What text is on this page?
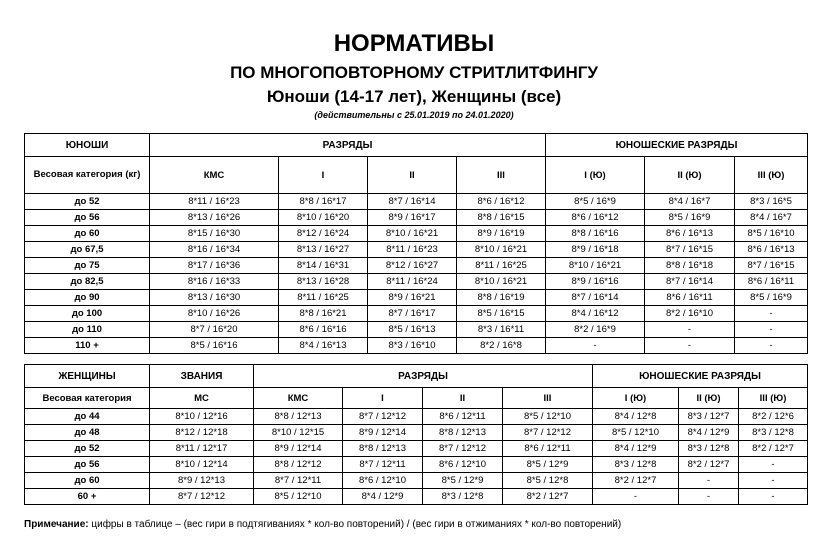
НОРМАТИВЫ
ПО МНОГОПОВТОРНОМУ СТРИТЛИТФИНГУ
Юноши (14-17 лет), Женщины (все)
(действительны с 25.01.2019 по 24.01.2020)
ЮНОШИ	РАЗРЯДЫ				ЮНОШЕСКИЕ РАЗРЯДЫ		
Весовая категория (кг)	КМС	I	II	III	I (Ю)	II (Ю)	III (Ю)
до 52	8*11 / 16*23	8*8 / 16*17	8*7 / 16*14	8*6 / 16*12	8*5 / 16*9	8*4 / 16*7	8*3 / 16*5
до 56	8*13 / 16*26	8*10 / 16*20	8*9 / 16*17	8*8 / 16*15	8*6 / 16*12	8*5 / 16*9	8*4 / 16*7
до 60	8*15 / 16*30	8*12 / 16*24	8*10 / 16*21	8*9 / 16*19	8*8 / 16*16	8*6 / 16*13	8*5 / 16*10
до 67,5	8*16 / 16*34	8*13 / 16*27	8*11 / 16*23	8*10 / 16*21	8*9 / 16*18	8*7 / 16*15	8*6 / 16*13
до 75	8*17 / 16*36	8*14 / 16*31	8*12 / 16*27	8*11 / 16*25	8*10 / 16*21	8*8 / 16*18	8*7 / 16*15
до 82,5	8*16 / 16*33	8*13 / 16*28	8*11 / 16*24	8*10 / 16*21	8*9 / 16*16	8*7 / 16*14	8*6 / 16*11
до 90	8*13 / 16*30	8*11 / 16*25	8*9 / 16*21	8*8 / 16*19	8*7 / 16*14	8*6 / 16*11	8*5 / 16*9
до 100	8*10 / 16*26	8*8 / 16*21	8*7 / 16*17	8*5 / 16*15	8*4 / 16*12	8*2 / 16*10	-
до 110	8*7 / 16*20	8*6 / 16*16	8*5 / 16*13	8*3 / 16*11	8*2 / 16*9	-	-
110 +	8*5 / 16*16	8*4 / 16*13	8*3 / 16*10	8*2 / 16*8	-	-	-
ЖЕНЩИНЫ	ЗВАНИЯ	РАЗРЯДЫ				ЮНОШЕСКИЕ РАЗРЯДЫ		
Весовая категория	МС	КМС	I	II	III	I (Ю)	II (Ю)	III (Ю)
до 44	8*10 / 12*16	8*8 / 12*13	8*7 / 12*12	8*6 / 12*11	8*5 / 12*10	8*4 / 12*8	8*3 / 12*7	8*2 / 12*6
до 48	8*12 / 12*18	8*10 / 12*15	8*9 / 12*14	8*8 / 12*13	8*7 / 12*12	8*5 / 12*10	8*4 / 12*9	8*3 / 12*8
до 52	8*11 / 12*17	8*9 / 12*14	8*8 / 12*13	8*7 / 12*12	8*6 / 12*11	8*4 / 12*9	8*3 / 12*8	8*2 / 12*7
до 56	8*10 / 12*14	8*8 / 12*12	8*7 / 12*11	8*6 / 12*10	8*5 / 12*9	8*3 / 12*8	8*2 / 12*7	-
до 60	8*9 / 12*13	8*7 / 12*11	8*6 / 12*10	8*5 / 12*9	8*5 / 12*8	8*2 / 12*7	-	-
60 +	8*7 / 12*12	8*5 / 12*10	8*4 / 12*9	8*3 / 12*8	8*2 / 12*7	-	-	-
Примечание: цифры в таблице – (вес гири в подтягиваниях * кол-во повторений) / (вес гири в отжиманиях * кол-во повторений)
